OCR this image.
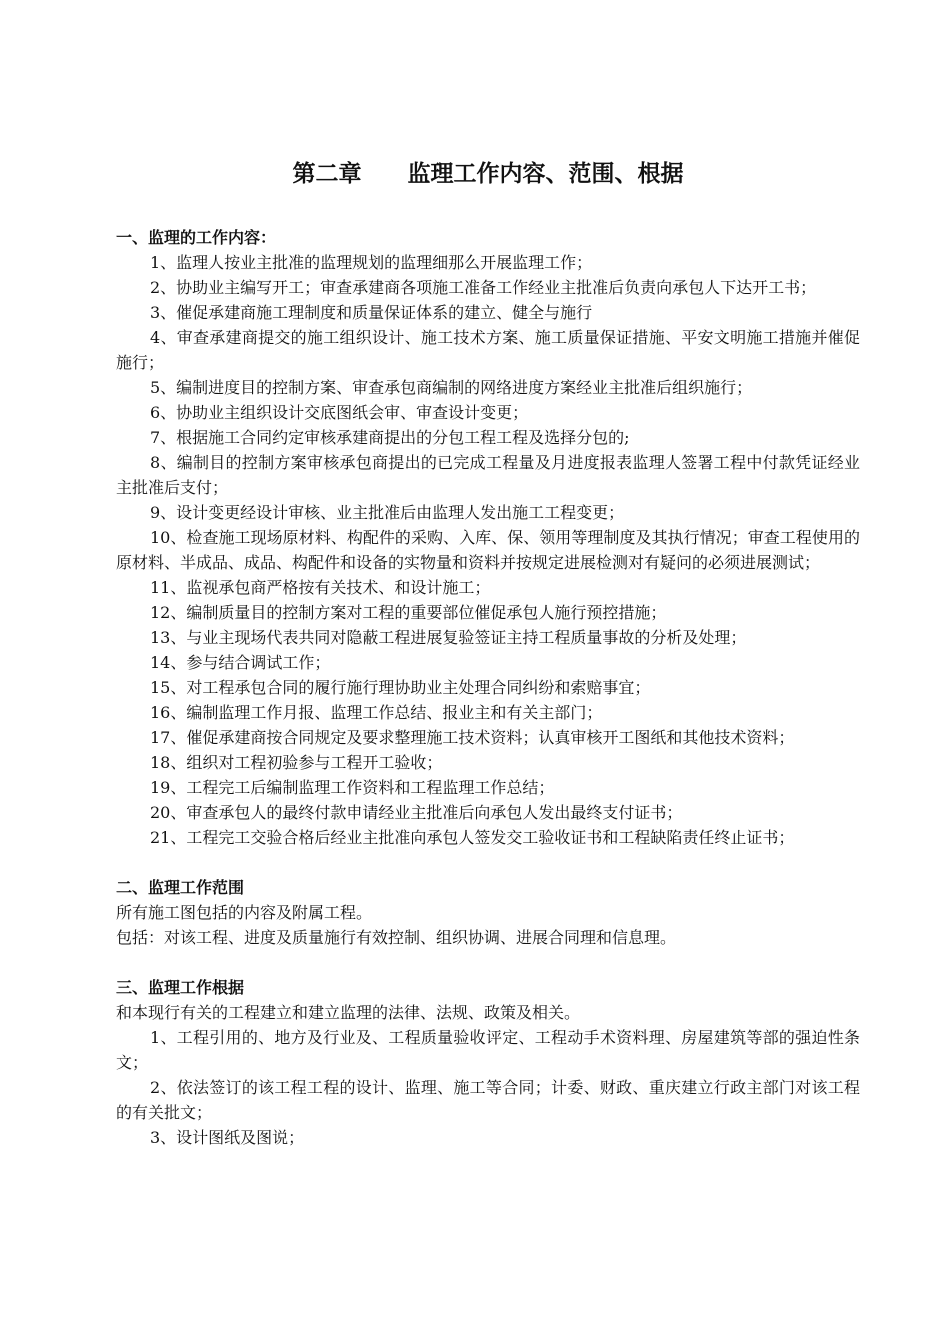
第二章　　监理工作内容、范围、根据

一、监理的工作内容：

1、监理人按业主批准的监理规划的监理细那么开展监理工作；

2、协助业主编写开工；审查承建商各项施工准备工作经业主批准后负责向承包人下达开工书；

3、催促承建商施工理制度和质量保证体系的建立、健全与施行

4、审查承建商提交的施工组织设计、施工技术方案、施工质量保证措施、平安文明施工措施并催促施行；

5、编制进度目的控制方案、审查承包商编制的网络进度方案经业主批准后组织施行；

6、协助业主组织设计交底图纸会审、审查设计变更；

7、根据施工合同约定审核承建商提出的分包工程工程及选择分包的;

8、编制目的控制方案审核承包商提出的已完成工程量及月进度报表监理人签署工程中付款凭证经业主批准后支付；

9、设计变更经设计审核、业主批准后由监理人发出施工工程变更；

10、检查施工现场原材料、构配件的采购、入库、保、领用等理制度及其执行情况；审查工程使用的原材料、半成品、成品、构配件和设备的实物量和资料并按规定进展检测对有疑问的必须进展测试；

11、监视承包商严格按有关技术、和设计施工；

12、编制质量目的控制方案对工程的重要部位催促承包人施行预控措施；

13、与业主现场代表共同对隐蔽工程进展复验签证主持工程质量事故的分析及处理；

14、参与结合调试工作；

15、对工程承包合同的履行施行理协助业主处理合同纠纷和索赔事宜；

16、编制监理工作月报、监理工作总结、报业主和有关主部门；

17、催促承建商按合同规定及要求整理施工技术资料；认真审核开工图纸和其他技术资料；

18、组织对工程初验参与工程开工验收；

19、工程完工后编制监理工作资料和工程监理工作总结；

20、审查承包人的最终付款申请经业主批准后向承包人发出最终支付证书；

21、工程完工交验合格后经业主批准向承包人签发交工验收证书和工程缺陷责任终止证书；

二、监理工作范围

所有施工图包括的内容及附属工程。

包括：对该工程、进度及质量施行有效控制、组织协调、进展合同理和信息理。

三、监理工作根据

和本现行有关的工程建立和建立监理的法律、法规、政策及相关。

1、工程引用的、地方及行业及、工程质量验收评定、工程动手术资料理、房屋建筑等部的强迫性条文；

2、依法签订的该工程工程的设计、监理、施工等合同；计委、财政、重庆建立行政主部门对该工程的有关批文；

3、设计图纸及图说；
